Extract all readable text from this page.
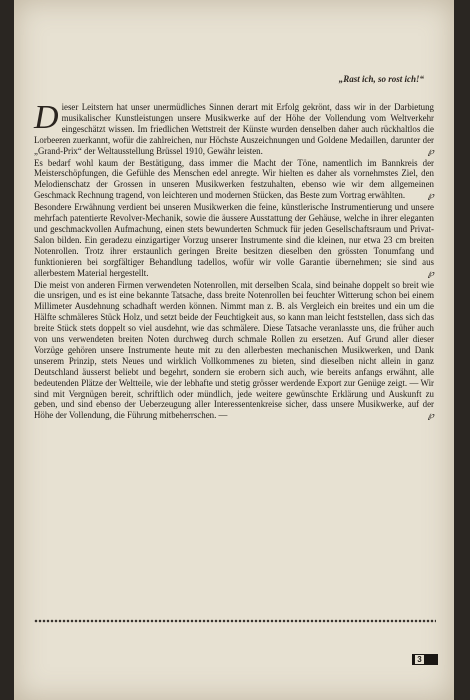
„Rast ich, so rost ich!“

Dieser Leitstern hat unser unermüdliches Sinnen derart mit Erfolg gekrönt, dass wir in der Darbietung musikalischer Kunstleistungen unsere Musikwerke auf der Höhe der Vollendung vom Weltverkehr eingeschätzt wissen. Im friedlichen Wettstreit der Künste wurden denselben daher auch rückhaltlos die Lorbeeren zuerkannt, wofür die zahlreichen, nur Höchste Auszeichnungen und Goldene Medaillen, darunter der „Grand-Prix“ der Weltausstellung Brüssel 1910, Gewähr leisten.	℘

Es bedarf wohl kaum der Bestätigung, dass immer die Macht der Töne, namentlich im Bannkreis der Meisterschöpfungen, die Gefühle des Menschen edel anregte. Wir hielten es daher als vornehmstes Ziel, den Melodienschatz der Grossen in unseren Musikwerken festzuhalten, ebenso wie wir dem allgemeinen Geschmack Rechnung tragend, von leichteren und modernen Stücken, das Beste zum Vortrag erwählten.	℘

Besondere Erwähnung verdient bei unseren Musikwerken die feine, künstlerische Instrumentierung und unsere mehrfach patentierte Revolver-Mechanik, sowie die äussere Ausstattung der Gehäuse, welche in ihrer eleganten und geschmackvollen Aufmachung, einen stets bewunderten Schmuck für jeden Gesellschaftsraum und Privat-Salon bilden. Ein geradezu einzigartiger Vorzug unserer Instrumente sind die kleinen, nur etwa 23 cm breiten Notenrollen. Trotz ihrer erstaunlich geringen Breite besitzen dieselben den grössten Tonumfang und funktionieren bei sorgfältiger Behandlung tadellos, wofür wir volle Garantie übernehmen; sie sind aus allerbestem Material hergestellt.	℘

Die meist von anderen Firmen verwendeten Notenrollen, mit derselben Scala, sind beinahe doppelt so breit wie die unsrigen, und es ist eine bekannte Tatsache, dass breite Notenrollen bei feuchter Witterung schon bei einem Millimeter Ausdehnung schadhaft werden können. Nimmt man z. B. als Vergleich ein breites und ein um die Hälfte schmäleres Stück Holz, und setzt beide der Feuchtigkeit aus, so kann man leicht feststellen, dass sich das breite Stück stets doppelt so viel ausdehnt, wie das schmälere. Diese Tatsache veranlasste uns, die früher auch von uns verwendeten breiten Noten durchweg durch schmale Rollen zu ersetzen. Auf Grund aller dieser Vorzüge gehören unsere Instrumente heute mit zu den allerbesten mechanischen Musikwerken, und Dank unserem Prinzip, stets Neues und wirklich Vollkommenes zu bieten, sind dieselben nicht allein in ganz Deutschland äusserst beliebt und begehrt, sondern sie erobern sich auch, wie bereits anfangs erwähnt, alle bedeutenden Plätze der Weltteile, wie der lebhafte und stetig grösser werdende Export zur Genüge zeigt. — Wir sind mit Vergnügen bereit, schriftlich oder mündlich, jede weitere gewünschte Erklärung und Auskunft zu geben, und sind ebenso der Ueberzeugung aller Interessentenkreise sicher, dass unsere Musikwerke, auf der Höhe der Vollendung, die Führung mitbeherrschen. —	℘

3
